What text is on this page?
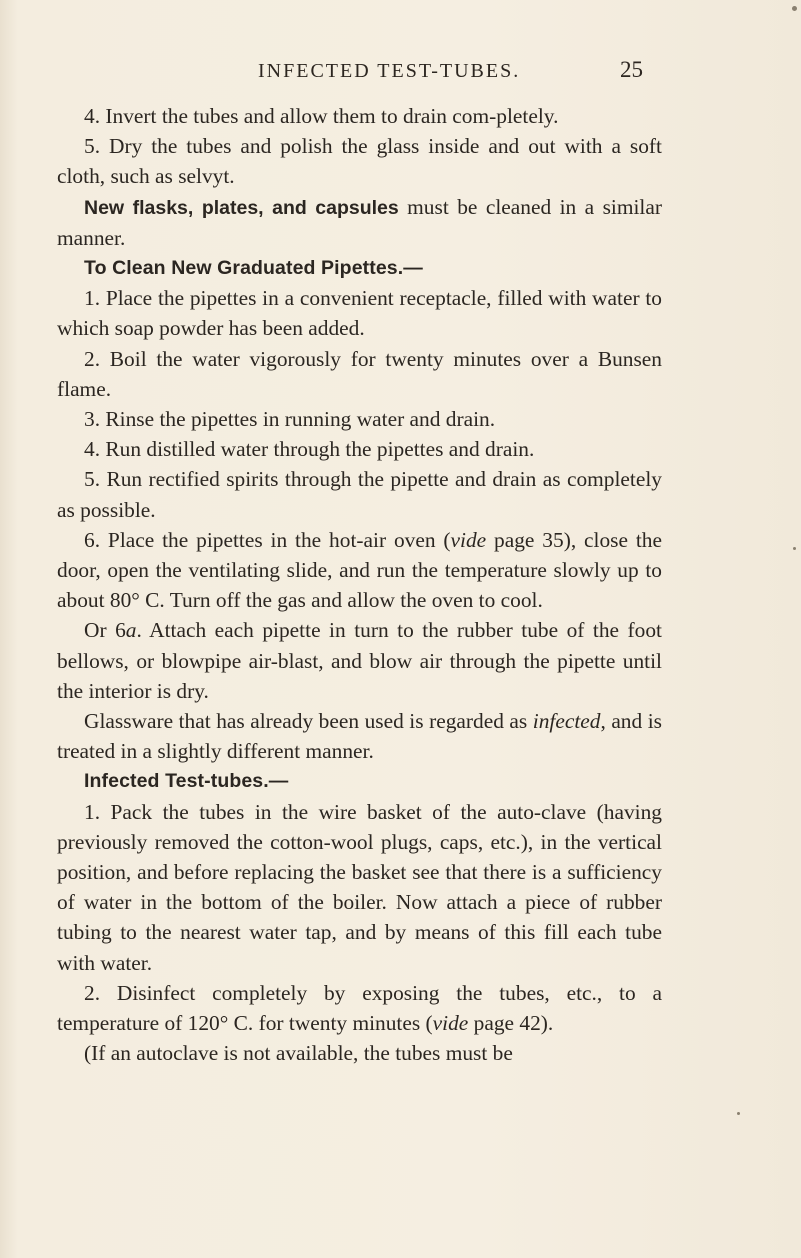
INFECTED TEST-TUBES.	25

4. Invert the tubes and allow them to drain com-pletely.

5. Dry the tubes and polish the glass inside and out with a soft cloth, such as selvyt.

New flasks, plates, and capsules must be cleaned in a similar manner.

To Clean New Graduated Pipettes.—

1. Place the pipettes in a convenient receptacle, filled with water to which soap powder has been added.

2. Boil the water vigorously for twenty minutes over a Bunsen flame.

3. Rinse the pipettes in running water and drain.

4. Run distilled water through the pipettes and drain.

5. Run rectified spirits through the pipette and drain as completely as possible.

6. Place the pipettes in the hot-air oven (vide page 35), close the door, open the ventilating slide, and run the temperature slowly up to about 80° C. Turn off the gas and allow the oven to cool.

Or 6a. Attach each pipette in turn to the rubber tube of the foot bellows, or blowpipe air-blast, and blow air through the pipette until the interior is dry.

Glassware that has already been used is regarded as infected, and is treated in a slightly different manner.

Infected Test-tubes.—

1. Pack the tubes in the wire basket of the auto-clave (having previously removed the cotton-wool plugs, caps, etc.), in the vertical position, and before replacing the basket see that there is a sufficiency of water in the bottom of the boiler. Now attach a piece of rubber tubing to the nearest water tap, and by means of this fill each tube with water.

2. Disinfect completely by exposing the tubes, etc., to a temperature of 120° C. for twenty minutes (vide page 42).

(If an autoclave is not available, the tubes must be
